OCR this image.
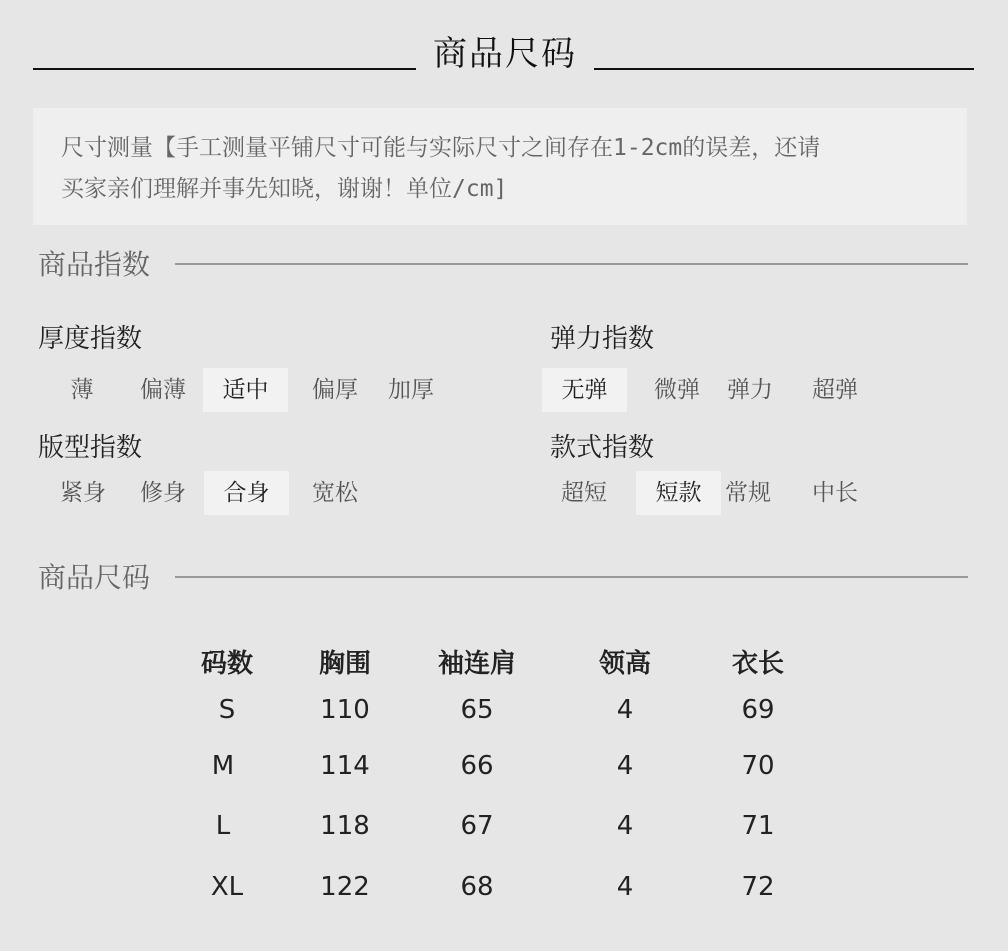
商品尺码
尺寸测量【手工测量平铺尺寸可能与实际尺寸之间存在1-2cm的误差，还请
买家亲们理解并事先知晓，谢谢！单位/cm]
商品指数
厚度指数
薄	偏薄	适中	偏厚	加厚
弹力指数
无弹	微弹	弹力	超弹
版型指数
紧身	修身	合身	宽松
款式指数
超短	短款	常规	中长
商品尺码
码数	胸围	袖连肩	领高	衣长
S	110	65	4	69
M	114	66	4	70
L	118	67	4	71
XL	122	68	4	72
